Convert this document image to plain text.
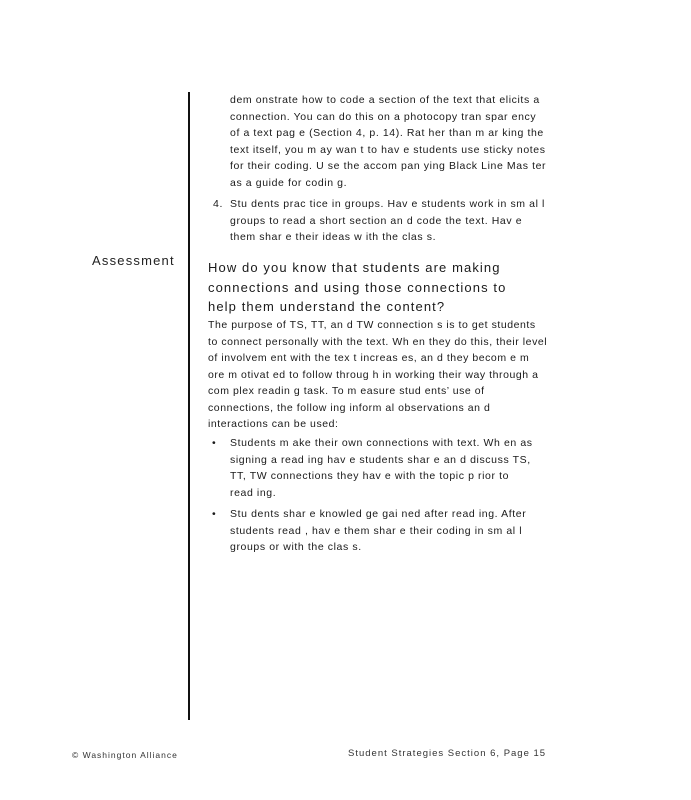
Assessment

dem onstrate how to code a section of the text that elicits a connection. You can do this on a photocopy tran spar ency of a text pag e (Section 4, p. 14). Rat her than m ar king the text itself, you m ay wan t to hav e students use sticky notes for their coding. U se the accom pan ying Black Line Mas ter as a guide for codin g.

4. Stu dents prac tice in groups. Hav e students work in sm al l groups to read a short section an d code the text. Hav e them shar e their ideas w ith the clas s.
How do you know that students are making connections and using those connections to help them understand the content?

The purpose of TS, TT, an d TW connection s is to get students to connect personally with the text. Wh en they do this, their level of involvem ent with the tex t increas es, an d they becom e m ore m otivat ed to follow throug h in working their way through a com plex readin g task. To m easure stud ents’ use of connections, the follow ing inform al observations an d interactions can be used:

• Students m ake their own connections with text. Wh en as signing a read ing hav e students shar e an d discuss TS, TT, TW connections they hav e with the topic p rior to read ing.
• Stu dents shar e knowled ge gai ned after read ing. After students read , hav e them shar e their coding in sm al l groups or with the clas s.
© Washington Alliance	Student Strategies Section 6, Page 15
